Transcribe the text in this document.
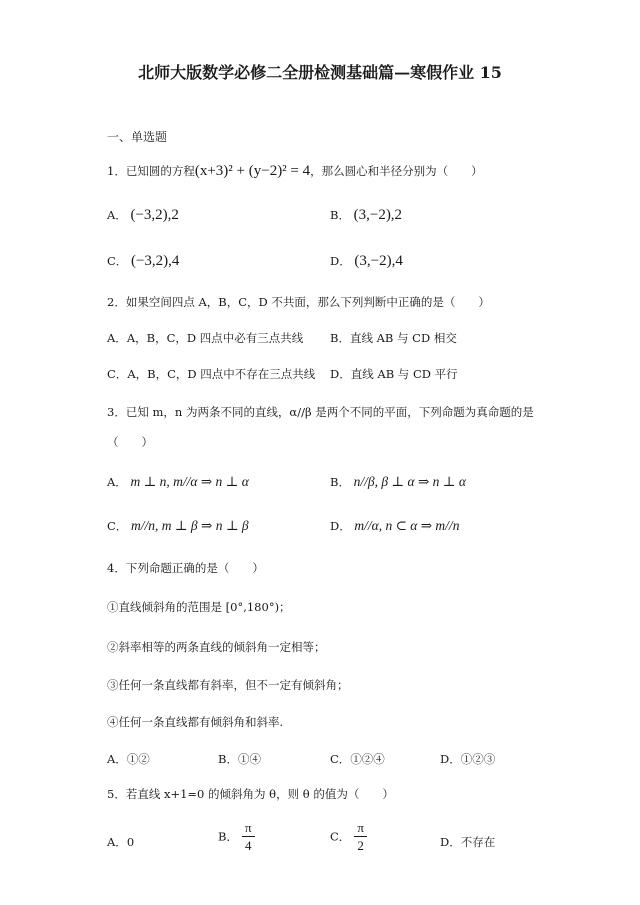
北师大版数学必修二全册检测基础篇—寒假作业 15
一、单选题
1．已知圆的方程(x+3)² + (y−2)² = 4，那么圆心和半径分别为（　　）
A． (−3,2),2	B． (3,−2),2
C． (−3,2),4	D． (3,−2),4
2．如果空间四点 A，B，C，D 不共面，那么下列判断中正确的是（　　）
A．A，B，C，D 四点中必有三点共线 B．直线 AB 与 CD 相交
C．A，B，C，D 四点中不存在三点共线 D．直线 AB 与 CD 平行
3．已知 m，n 为两条不同的直线，α//β 是两个不同的平面，下列命题为真命题的是
（　　）
A． m ⊥ n, m//α ⇒ n ⊥ α	B． n//β, β ⊥ α ⇒ n ⊥ α
C． m//n, m ⊥ β ⇒ n ⊥ β	D． m//α, n ⊂ α ⇒ m//n
4．下列命题正确的是（　　）
①直线倾斜角的范围是 [0°,180°)；
②斜率相等的两条直线的倾斜角一定相等；
③任何一条直线都有斜率，但不一定有倾斜角；
④任何一条直线都有倾斜角和斜率.
A．①②	B．①④	C．①②④	D．①②③
5．若直线 x+1=0 的倾斜角为 θ，则 θ 的值为（　　）
A．0	B． $\frac{\pi}{4}$	C． $\frac{\pi}{2}$	D．不存在
